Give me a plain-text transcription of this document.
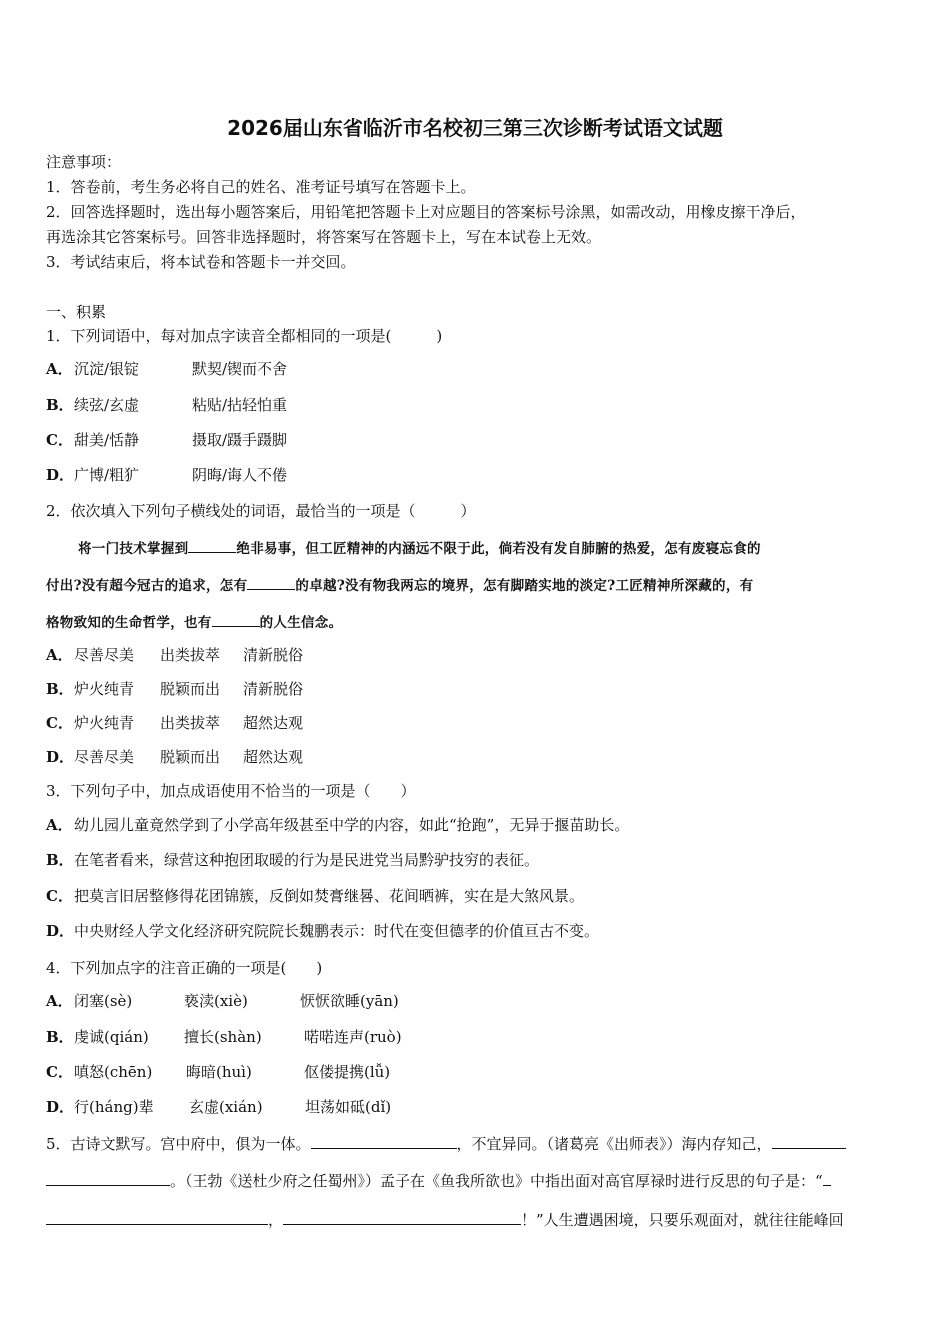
2026届山东省临沂市名校初三第三次诊断考试语文试题
注意事项：
1．答卷前，考生务必将自己的姓名、准考证号填写在答题卡上。
2．回答选择题时，选出每小题答案后，用铅笔把答题卡上对应题目的答案标号涂黑，如需改动，用橡皮擦干净后，
再选涂其它答案标号。回答非选择题时，将答案写在答题卡上，写在本试卷上无效。
3．考试结束后，将本试卷和答题卡一并交回。
一、积累
1．下列词语中，每对加点字读音全都相同的一项是(　　　)
A．沉淀/银锭	默契/锲而不舍
B．续弦/玄虚	粘贴/拈轻怕重
C．甜美/恬静	摄取/蹑手蹑脚
D．广博/粗犷	阴晦/诲人不倦
2．依次填入下列句子横线处的词语，最恰当的一项是（　　　）
将一门技术掌握到	绝非易事，但工匠精神的内涵远不限于此，倘若没有发自肺腑的热爱，怎有废寝忘食的
付出?没有超今冠古的追求，怎有	的卓越?没有物我两忘的境界，怎有脚踏实地的淡定?工匠精神所深藏的，有
格物致知的生命哲学，也有	的人生信念。
A．尽善尽美 出类拔萃 清新脱俗
B．炉火纯青 脱颖而出 清新脱俗
C．炉火纯青 出类拔萃 超然达观
D．尽善尽美 脱颖而出 超然达观
3．下列句子中，加点成语使用不恰当的一项是（　　）
A．幼儿园儿童竟然学到了小学高年级甚至中学的内容，如此“抢跑”，无异于揠苗助长。
B．在笔者看来，绿营这种抱团取暖的行为是民进党当局黔驴技穷的表征。
C．把莫言旧居整修得花团锦簇，反倒如焚膏继晷、花间晒裤，实在是大煞风景。
D．中央财经人学文化经济研究院院长魏鹏表示：时代在变但德孝的价值亘古不变。
4．下列加点字的注音正确的一项是(　　)
A．闭塞(sè)	亵渎(xiè)	恹恹欲睡(yān)
B．虔诚(qián) 擅长(shàn)	喏喏连声(ruò)
C．嗔怒(chēn) 晦暗(huì)	伛偻提携(lǚ)
D．行(háng)辈 玄虚(xián)	坦荡如砥(dǐ)
5．古诗文默写。宫中府中，俱为一体。	，不宜异同。（诸葛亮《出师表》）海内存知己，
。（王勃《送杜少府之任蜀州》）孟子在《鱼我所欲也》中指出面对高官厚禄时进行反思的句子是：“
，	！”人生遭遇困境，只要乐观面对，就往往能峰回
